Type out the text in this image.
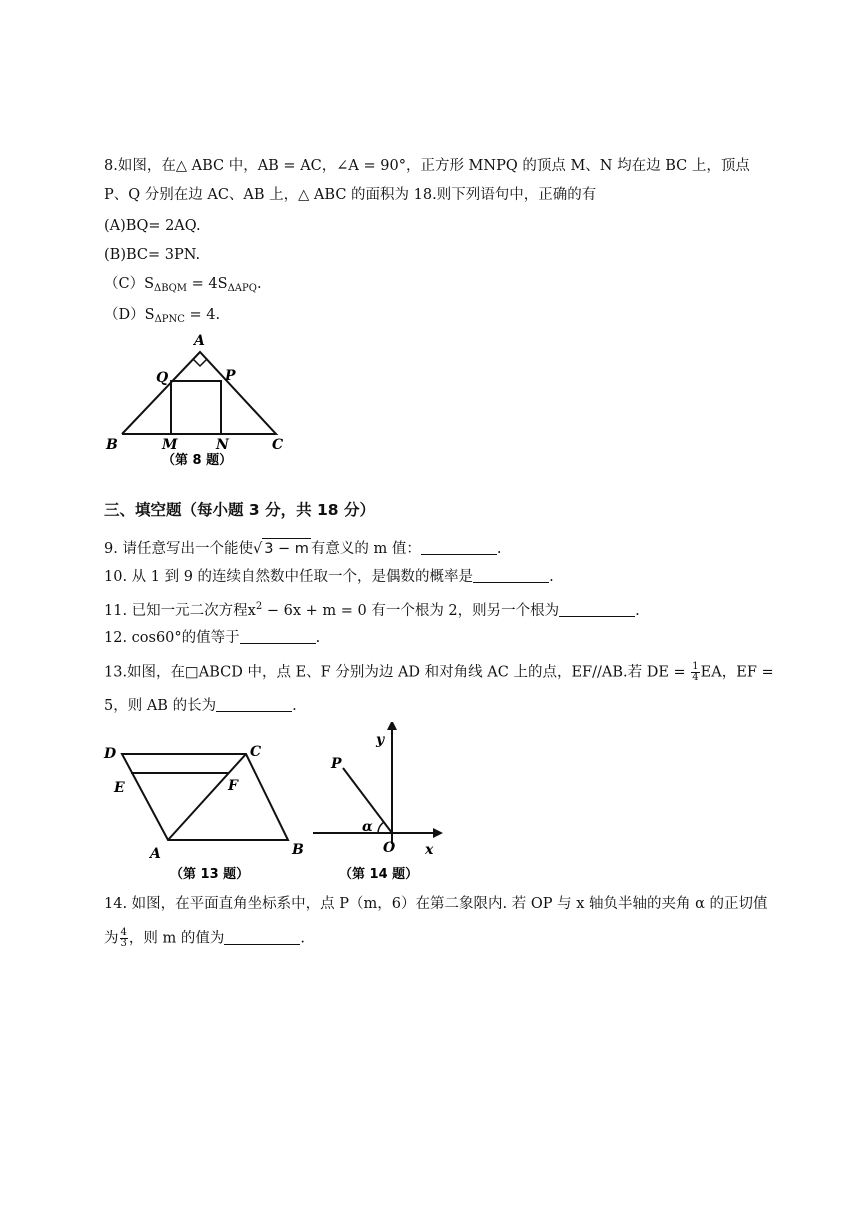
8.如图，在△ ABC 中，AB = AC，∠A = 90°，正方形 MNPQ 的顶点 M、N 均在边 BC 上，顶点
P、Q 分别在边 AC、AB 上，△ ABC 的面积为 18.则下列语句中，正确的有
(A)BQ= 2AQ.
(B)BC= 3PN.
$(C)S_{\Delta BQM} = 4S_{\Delta APQ}$.
$(D)S_{\Delta PNC} = 4$.
A
Q	P
B	M	N	C
（第 8 题）
三、填空题（每小题 3 分，共 18 分）
9. 请任意写出一个能使√ 3 − m 有意义的 m 值：	.
10. 从 1 到 9 的连续自然数中任取一个，是偶数的概率是	.
11. 已知一元二次方程$x^2 - 6x + m = 0$ 有一个根为 2，则另一个根为	.
12. cos60°的值等于	.
13.如图，在□ABCD 中，点 E、F 分别为边 AD 和对角线 AC 上的点，EF//AB.若 DE = $\frac{1}{4}$ EA，EF =
5，则 AB 的长为	.
D	C
E	F
A	B
（第 13 题）
y
P
α
O x
（第 14 题）
14. 如图，在平面直角坐标系中，点 P（m，6）在第二象限内. 若 OP 与 x 轴负半轴的夹角 α 的正切值
为 $\frac{4}{3}$ ，则 m 的值为	.
